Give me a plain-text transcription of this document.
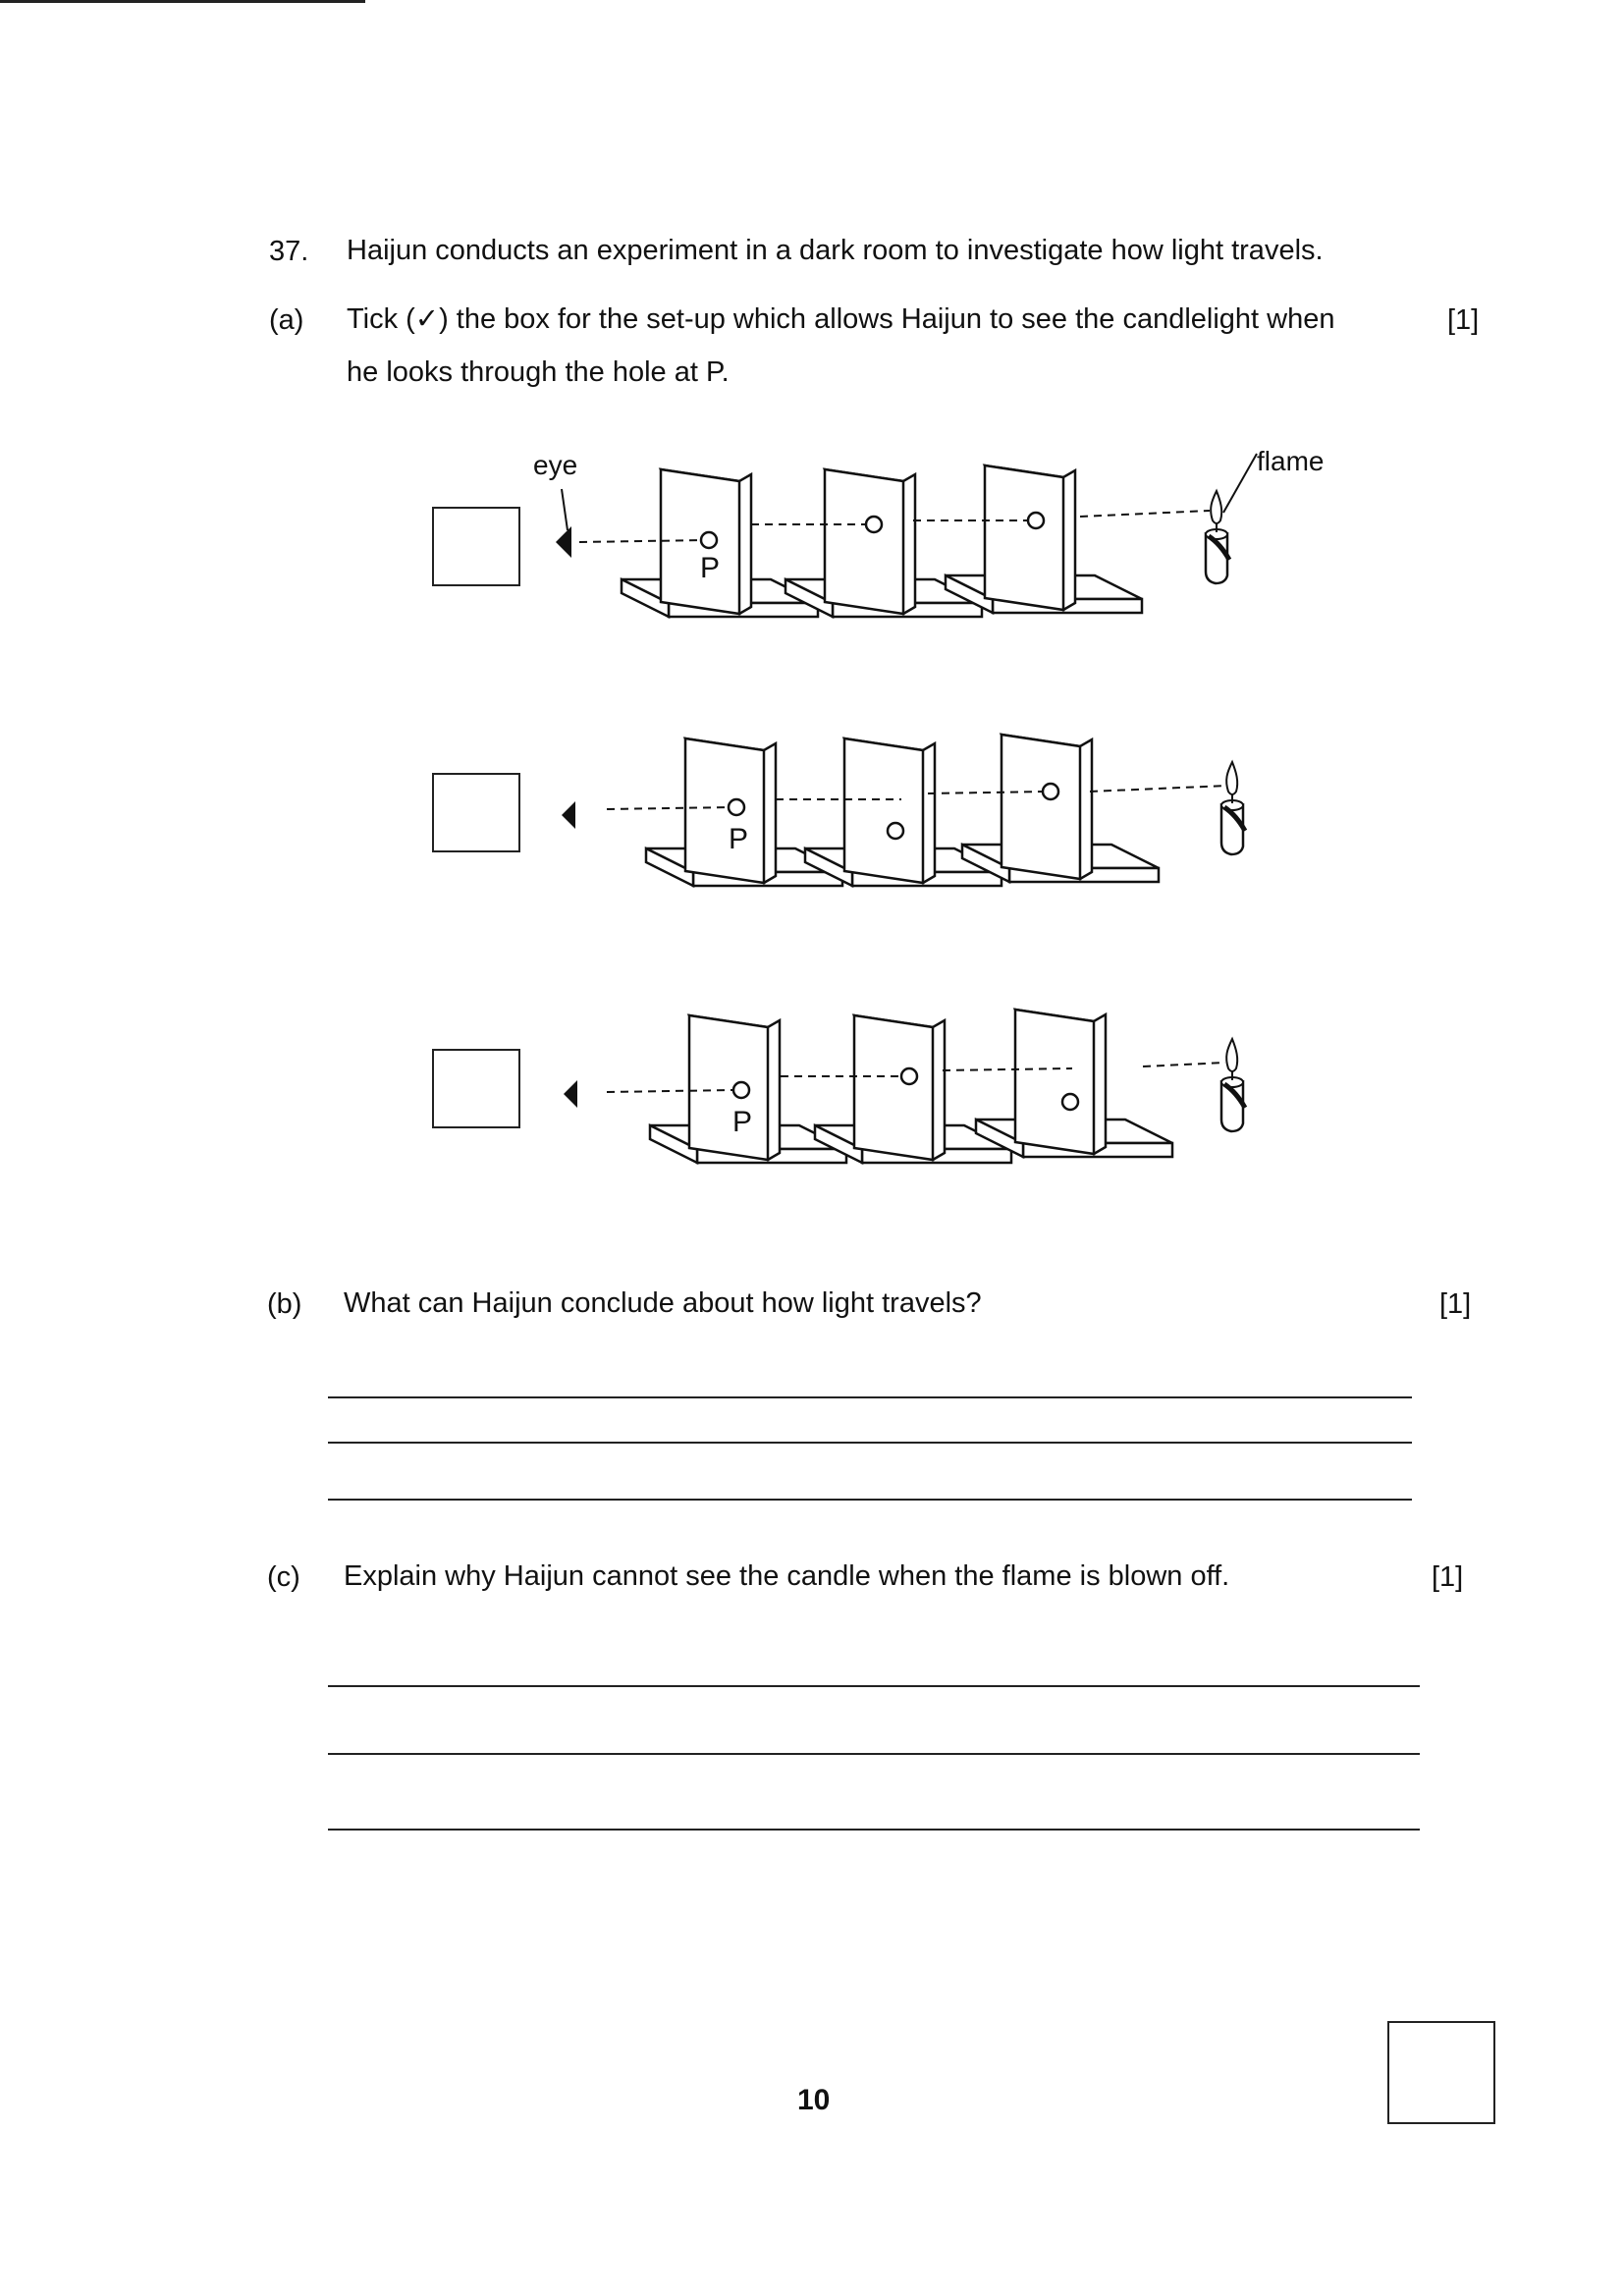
37. Haijun conducts an experiment in a dark room to investigate how light travels.
(a) Tick (✓) the box for the set-up which allows Haijun to see the candlelight when
he looks through the hole at P.
[1]
eye	flame
P
P
P
(b) What can Haijun conclude about how light travels?	[1]
(c) Explain why Haijun cannot see the candle when the flame is blown off.	[1]
10
